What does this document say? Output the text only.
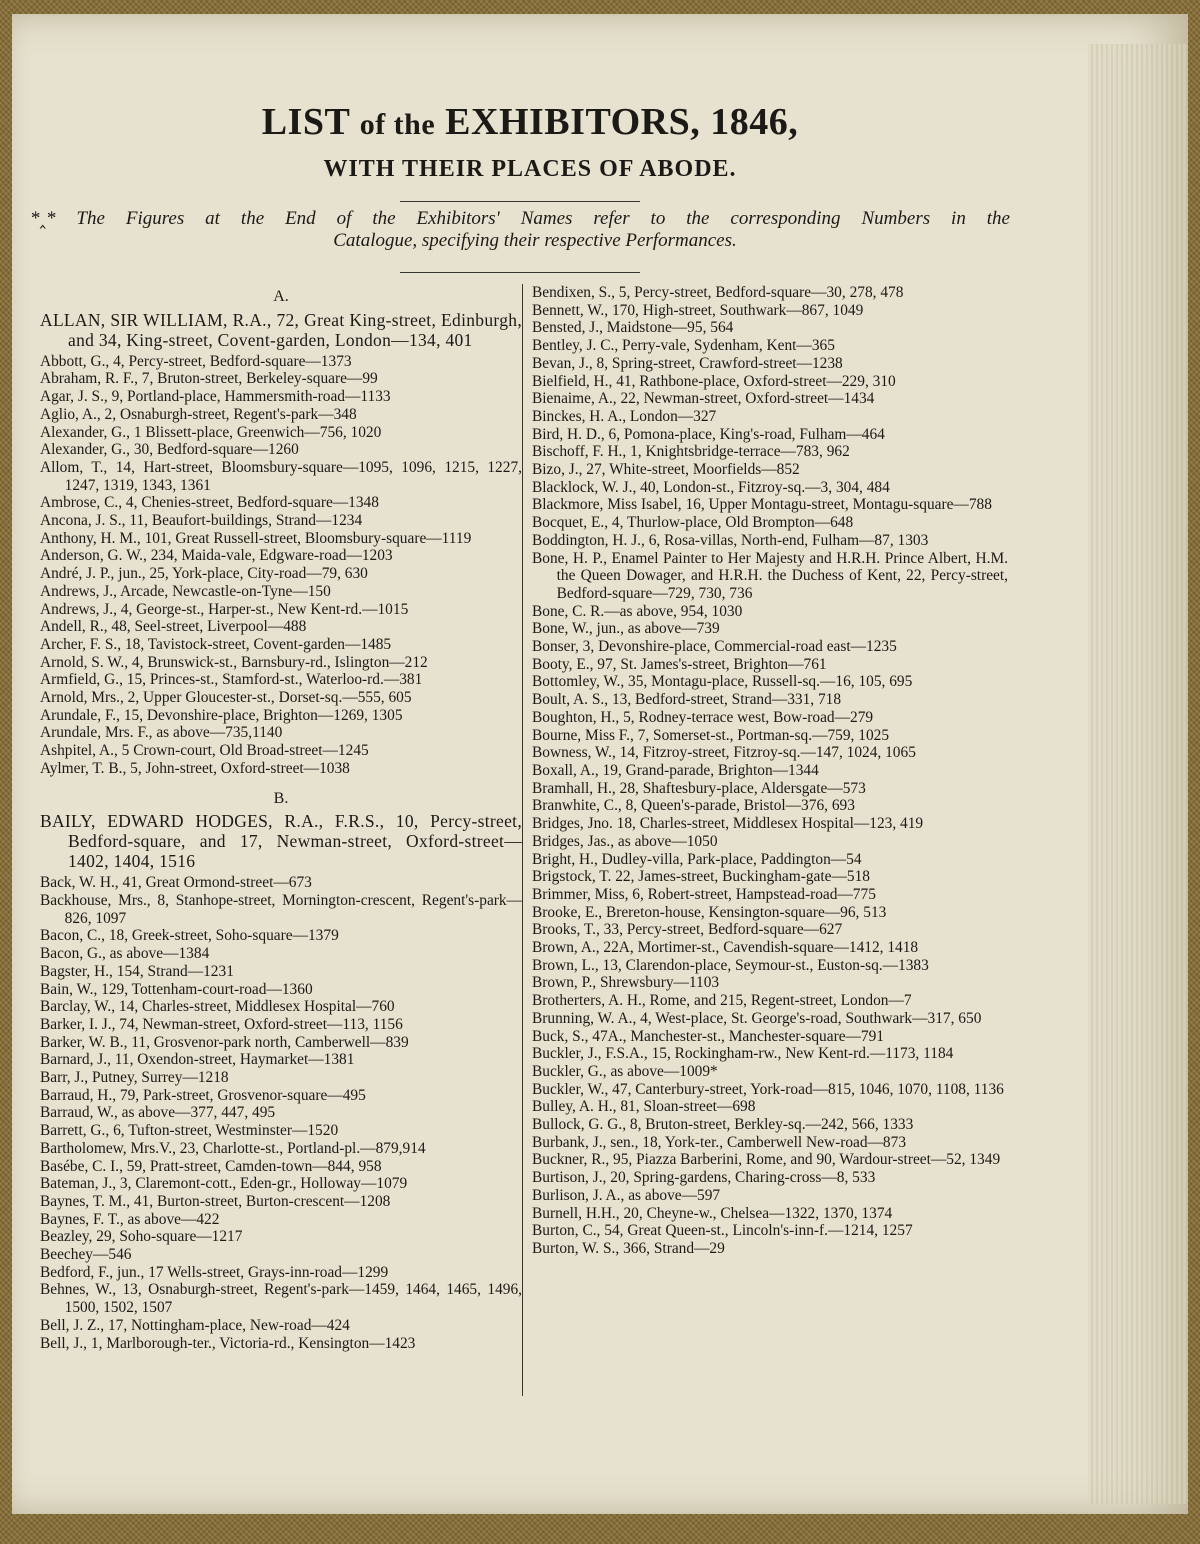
LIST of the EXHIBITORS, 1846,
WITH THEIR PLACES OF ABODE.
*‸* The Figures at the End of the Exhibitors' Names refer to the corresponding Numbers in the
Catalogue, specifying their respective Performances.
A.
ALLAN, SIR WILLIAM, R.A., 72, Great King-street, Edinburgh, and 34, King-street, Covent-garden, London—134, 401
Abbott, G., 4, Percy-street, Bedford-square—1373
Abraham, R. F., 7, Bruton-street, Berkeley-square—99
Agar, J. S., 9, Portland-place, Hammersmith-road—1133
Aglio, A., 2, Osnaburgh-street, Regent's-park—348
Alexander, G., 1 Blissett-place, Greenwich—756, 1020
Alexander, G., 30, Bedford-square—1260
Allom, T., 14, Hart-street, Bloomsbury-square—1095, 1096, 1215, 1227, 1247, 1319, 1343, 1361
Ambrose, C., 4, Chenies-street, Bedford-square—1348
Ancona, J. S., 11, Beaufort-buildings, Strand—1234
Anthony, H. M., 101, Great Russell-street, Bloomsbury-square—1119
Anderson, G. W., 234, Maida-vale, Edgware-road—1203
André, J. P., jun., 25, York-place, City-road—79, 630
Andrews, J., Arcade, Newcastle-on-Tyne—150
Andrews, J., 4, George-st., Harper-st., New Kent-rd.—1015
Andell, R., 48, Seel-street, Liverpool—488
Archer, F. S., 18, Tavistock-street, Covent-garden—1485
Arnold, S. W., 4, Brunswick-st., Barnsbury-rd., Islington—212
Armfield, G., 15, Princes-st., Stamford-st., Waterloo-rd.—381
Arnold, Mrs., 2, Upper Gloucester-st., Dorset-sq.—555, 605
Arundale, F., 15, Devonshire-place, Brighton—1269, 1305
Arundale, Mrs. F., as above—735,1140
Ashpitel, A., 5 Crown-court, Old Broad-street—1245
Aylmer, T. B., 5, John-street, Oxford-street—1038
B.
BAILY, EDWARD HODGES, R.A., F.R.S., 10, Percy-street, Bedford-square, and 17, Newman-street, Oxford-street—1402, 1404, 1516
Back, W. H., 41, Great Ormond-street—673
Backhouse, Mrs., 8, Stanhope-street, Mornington-crescent, Regent's-park—826, 1097
Bacon, C., 18, Greek-street, Soho-square—1379
Bacon, G., as above—1384
Bagster, H., 154, Strand—1231
Bain, W., 129, Tottenham-court-road—1360
Barclay, W., 14, Charles-street, Middlesex Hospital—760
Barker, I. J., 74, Newman-street, Oxford-street—113, 1156
Barker, W. B., 11, Grosvenor-park north, Camberwell—839
Barnard, J., 11, Oxendon-street, Haymarket—1381
Barr, J., Putney, Surrey—1218
Barraud, H., 79, Park-street, Grosvenor-square—495
Barraud, W., as above—377, 447, 495
Barrett, G., 6, Tufton-street, Westminster—1520
Bartholomew, Mrs.V., 23, Charlotte-st., Portland-pl.—879,914
Basébe, C. I., 59, Pratt-street, Camden-town—844, 958
Bateman, J., 3, Claremont-cott., Eden-gr., Holloway—1079
Baynes, T. M., 41, Burton-street, Burton-crescent—1208
Baynes, F. T., as above—422
Beazley, 29, Soho-square—1217
Beechey—546
Bedford, F., jun., 17 Wells-street, Grays-inn-road—1299
Behnes, W., 13, Osnaburgh-street, Regent's-park—1459, 1464, 1465, 1496, 1500, 1502, 1507
Bell, J. Z., 17, Nottingham-place, New-road—424
Bell, J., 1, Marlborough-ter., Victoria-rd., Kensington—1423
Bendixen, S., 5, Percy-street, Bedford-square—30, 278, 478
Bennett, W., 170, High-street, Southwark—867, 1049
Bensted, J., Maidstone—95, 564
Bentley, J. C., Perry-vale, Sydenham, Kent—365
Bevan, J., 8, Spring-street, Crawford-street—1238
Bielfield, H., 41, Rathbone-place, Oxford-street—229, 310
Bienaime, A., 22, Newman-street, Oxford-street—1434
Binckes, H. A., London—327
Bird, H. D., 6, Pomona-place, King's-road, Fulham—464
Bischoff, F. H., 1, Knightsbridge-terrace—783, 962
Bizo, J., 27, White-street, Moorfields—852
Blacklock, W. J., 40, London-st., Fitzroy-sq.—3, 304, 484
Blackmore, Miss Isabel, 16, Upper Montagu-street, Montagu-square—788
Bocquet, E., 4, Thurlow-place, Old Brompton—648
Boddington, H. J., 6, Rosa-villas, North-end, Fulham—87, 1303
Bone, H. P., Enamel Painter to Her Majesty and H.R.H. Prince Albert, H.M. the Queen Dowager, and H.R.H. the Duchess of Kent, 22, Percy-street, Bedford-square—729, 730, 736
Bone, C. R.—as above, 954, 1030
Bone, W., jun., as above—739
Bonser, 3, Devonshire-place, Commercial-road east—1235
Booty, E., 97, St. James's-street, Brighton—761
Bottomley, W., 35, Montagu-place, Russell-sq.—16, 105, 695
Boult, A. S., 13, Bedford-street, Strand—331, 718
Boughton, H., 5, Rodney-terrace west, Bow-road—279
Bourne, Miss F., 7, Somerset-st., Portman-sq.—759, 1025
Bowness, W., 14, Fitzroy-street, Fitzroy-sq.—147, 1024, 1065
Boxall, A., 19, Grand-parade, Brighton—1344
Bramhall, H., 28, Shaftesbury-place, Aldersgate—573
Branwhite, C., 8, Queen's-parade, Bristol—376, 693
Bridges, Jno. 18, Charles-street, Middlesex Hospital—123, 419
Bridges, Jas., as above—1050
Bright, H., Dudley-villa, Park-place, Paddington—54
Brigstock, T. 22, James-street, Buckingham-gate—518
Brimmer, Miss, 6, Robert-street, Hampstead-road—775
Brooke, E., Brereton-house, Kensington-square—96, 513
Brooks, T., 33, Percy-street, Bedford-square—627
Brown, A., 22A, Mortimer-st., Cavendish-square—1412, 1418
Brown, L., 13, Clarendon-place, Seymour-st., Euston-sq.—1383
Brown, P., Shrewsbury—1103
Brotherters, A. H., Rome, and 215, Regent-street, London—7
Brunning, W. A., 4, West-place, St. George's-road, Southwark—317, 650
Buck, S., 47A., Manchester-st., Manchester-square—791
Buckler, J., F.S.A., 15, Rockingham-rw., New Kent-rd.—1173, 1184
Buckler, G., as above—1009*
Buckler, W., 47, Canterbury-street, York-road—815, 1046, 1070, 1108, 1136
Bulley, A. H., 81, Sloan-street—698
Bullock, G. G., 8, Bruton-street, Berkley-sq.—242, 566, 1333
Burbank, J., sen., 18, York-ter., Camberwell New-road—873
Buckner, R., 95, Piazza Barberini, Rome, and 90, Wardour-street—52, 1349
Burtison, J., 20, Spring-gardens, Charing-cross—8, 533
Burlison, J. A., as above—597
Burnell, H.H., 20, Cheyne-w., Chelsea—1322, 1370, 1374
Burton, C., 54, Great Queen-st., Lincoln's-inn-f.—1214, 1257
Burton, W. S., 366, Strand—29
